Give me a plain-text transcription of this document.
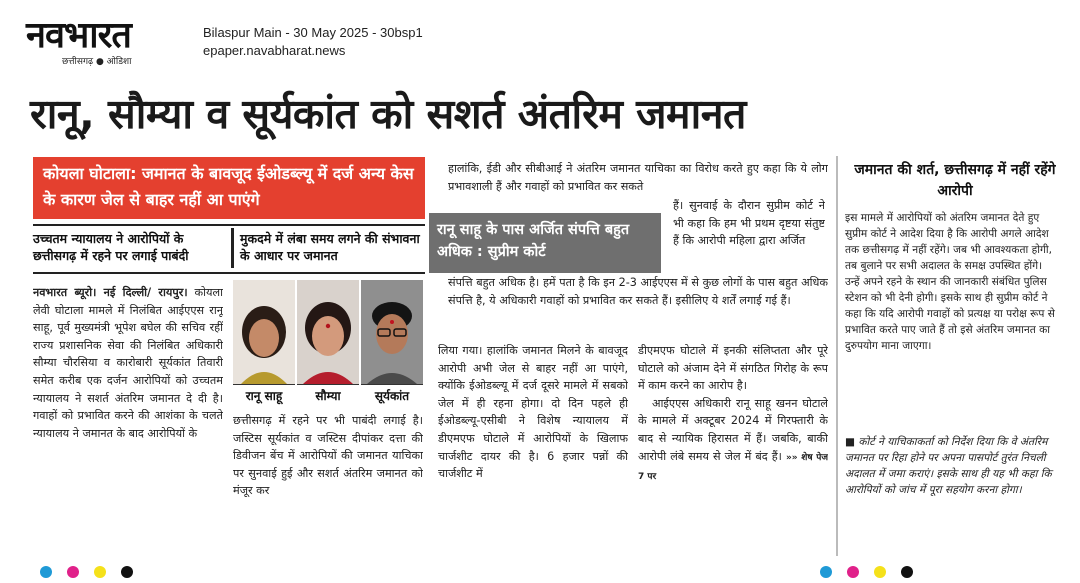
नवभारत
छत्तीसगढ़ ● ओडिशा
Bilaspur Main - 30 May 2025 - 30bsp1
epaper.navabharat.news
रानू, सौम्या व सूर्यकांत को सशर्त अंतरिम जमानत
कोयला घोटाला: जमानत के बावजूद ईओडब्ल्यू में दर्ज अन्य केस के कारण जेल से बाहर नहीं आ पाएंगे
उच्चतम न्यायालय ने आरोपियों के छत्तीसगढ़ में रहने पर लगाई पाबंदी
मुकदमे में लंबा समय लगने की संभावना के आधार पर जमानत
नवभारत ब्यूरो। नई दिल्ली/ रायपुर। कोयला लेवी घोटाला मामले में निलंबित आईएएस रानू साहू, पूर्व मुख्यमंत्री भूपेश बघेल की सचिव रहीं राज्य प्रशासनिक सेवा की निलंबित अधिकारी सौम्या चौरसिया व कारोबारी सूर्यकांत तिवारी समेत करीब एक दर्जन आरोपियों को उच्चतम न्यायालय ने सशर्त अंतरिम जमानत दे दी है। गवाहों को प्रभावित करने की आशंका के चलते न्यायालय ने जमानत के बाद आरोपियों के
रानू साहू	सौम्या	सूर्यकांत
छत्तीसगढ़ में रहने पर भी पाबंदी लगाई है। जस्टिस सूर्यकांत व जस्टिस दीपांकर दत्ता की डिवीजन बेंच में आरोपियों की जमानत याचिका पर सुनवाई हुई और सशर्त अंतरिम जमानत को मंजूर कर
हालांकि, ईडी और सीबीआई ने अंतरिम जमानत याचिका का विरोध करते हुए कहा कि ये लोग प्रभावशाली हैं और गवाहों को प्रभावित कर सकते
हैं। सुनवाई के दौरान सुप्रीम कोर्ट ने भी कहा कि हम भी प्रथम दृष्टया संतुष्ट हैं कि आरोपी महिला द्वारा अर्जित
रानू साहू के पास अर्जित संपत्ति बहुत अधिक : सुप्रीम कोर्ट
संपत्ति बहुत अधिक है। हमें पता है कि इन 2-3 आईएएस में से कुछ लोगों के पास बहुत अधिक संपत्ति है, ये अधिकारी गवाहों को प्रभावित कर सकते हैं। इसीलिए ये शर्तें लगाई गई हैं।
लिया गया। हालांकि जमानत मिलने के बावजूद आरोपी अभी जेल से बाहर नहीं आ पाएंगे, क्योंकि ईओडब्ल्यू में दर्ज दूसरे मामले में सबको जेल में ही रहना होगा। दो दिन पहले ही ईओडब्ल्यू-एसीबी ने विशेष न्यायालय में डीएमएफ घोटाले में आरोपियों के खिलाफ चार्जशीट दायर की है। 6 हजार पन्नों की चार्जशीट में

डीएमएफ घोटाले में इनकी संलिप्तता और पूरे घोटाले को अंजाम देने में संगठित गिरोह के रूप में काम करने का आरोप है।

आईएएस अधिकारी रानू साहू खनन घोटाले के मामले में अक्टूबर 2024 में गिरफ्तारी के बाद से न्यायिक हिरासत में हैं। जबकि, बाकी आरोपी लंबे समय से जेल में बंद हैं। »» शेष पेज 7 पर

जमानत की शर्त, छत्तीसगढ़ में नहीं रहेंगे आरोपी
इस मामले में आरोपियों को अंतरिम जमानत देते हुए सुप्रीम कोर्ट ने आदेश दिया है कि आरोपी अगले आदेश तक छत्तीसगढ़ में नहीं रहेंगे। जब भी आवश्यकता होगी, तब बुलाने पर सभी अदालत के समक्ष उपस्थित होंगे। उन्हें अपने रहने के स्थान की जानकारी संबंधित पुलिस स्टेशन को भी देनी होगी। इसके साथ ही सुप्रीम कोर्ट ने कहा कि यदि आरोपी गवाहों को प्रत्यक्ष या परोक्ष रूप से प्रभावित करते पाए जाते हैं तो इसे अंतरिम जमानत का दुरुपयोग माना जाएगा।
■ कोर्ट ने याचिकाकर्ता को निर्देश दिया कि वे अंतरिम जमानत पर रिहा होने पर अपना पासपोर्ट तुरंत निचली अदालत में जमा कराएं। इसके साथ ही यह भी कहा कि आरोपियों को जांच में पूरा सहयोग करना होगा।
